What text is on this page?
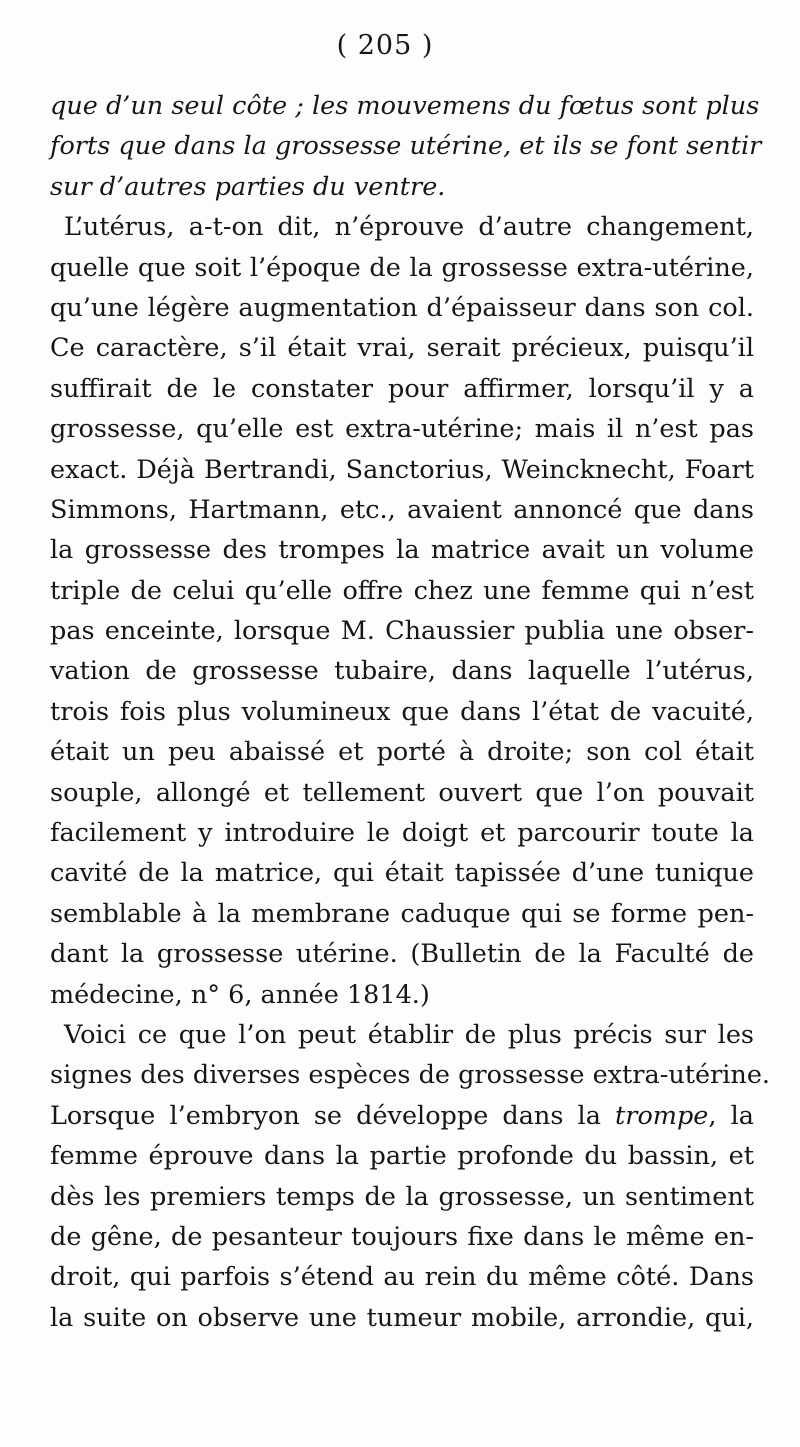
( 205 )
que d’un seul côte ; les mouvemens du fœtus sont plus
forts que dans la grossesse utérine, et ils se font sentir
sur d’autres parties du ventre.
L’utérus, a-t-on dit, n’éprouve d’autre changement,
quelle que soit l’époque de la grossesse extra-utérine,
qu’une légère augmentation d’épaisseur dans son col.
Ce caractère, s’il était vrai, serait précieux, puisqu’il
suffirait de le constater pour affirmer, lorsqu’il y a
grossesse, qu’elle est extra-utérine; mais il n’est pas
exact. Déjà Bertrandi, Sanctorius, Weincknecht, Foart
Simmons, Hartmann, etc., avaient annoncé que dans
la grossesse des trompes la matrice avait un volume
triple de celui qu’elle offre chez une femme qui n’est
pas enceinte, lorsque M. Chaussier publia une obser-
vation de grossesse tubaire, dans laquelle l’utérus,
trois fois plus volumineux que dans l’état de vacuité,
était un peu abaissé et porté à droite; son col était
souple, allongé et tellement ouvert que l’on pouvait
facilement y introduire le doigt et parcourir toute la
cavité de la matrice, qui était tapissée d’une tunique
semblable à la membrane caduque qui se forme pen-
dant la grossesse utérine. (Bulletin de la Faculté de
médecine, n° 6, année 1814.)
Voici ce que l’on peut établir de plus précis sur les
signes des diverses espèces de grossesse extra-utérine.
Lorsque l’embryon se développe dans la trompe, la
femme éprouve dans la partie profonde du bassin, et
dès les premiers temps de la grossesse, un sentiment
de gêne, de pesanteur toujours fixe dans le même en-
droit, qui parfois s’étend au rein du même côté. Dans
la suite on observe une tumeur mobile, arrondie, qui,
